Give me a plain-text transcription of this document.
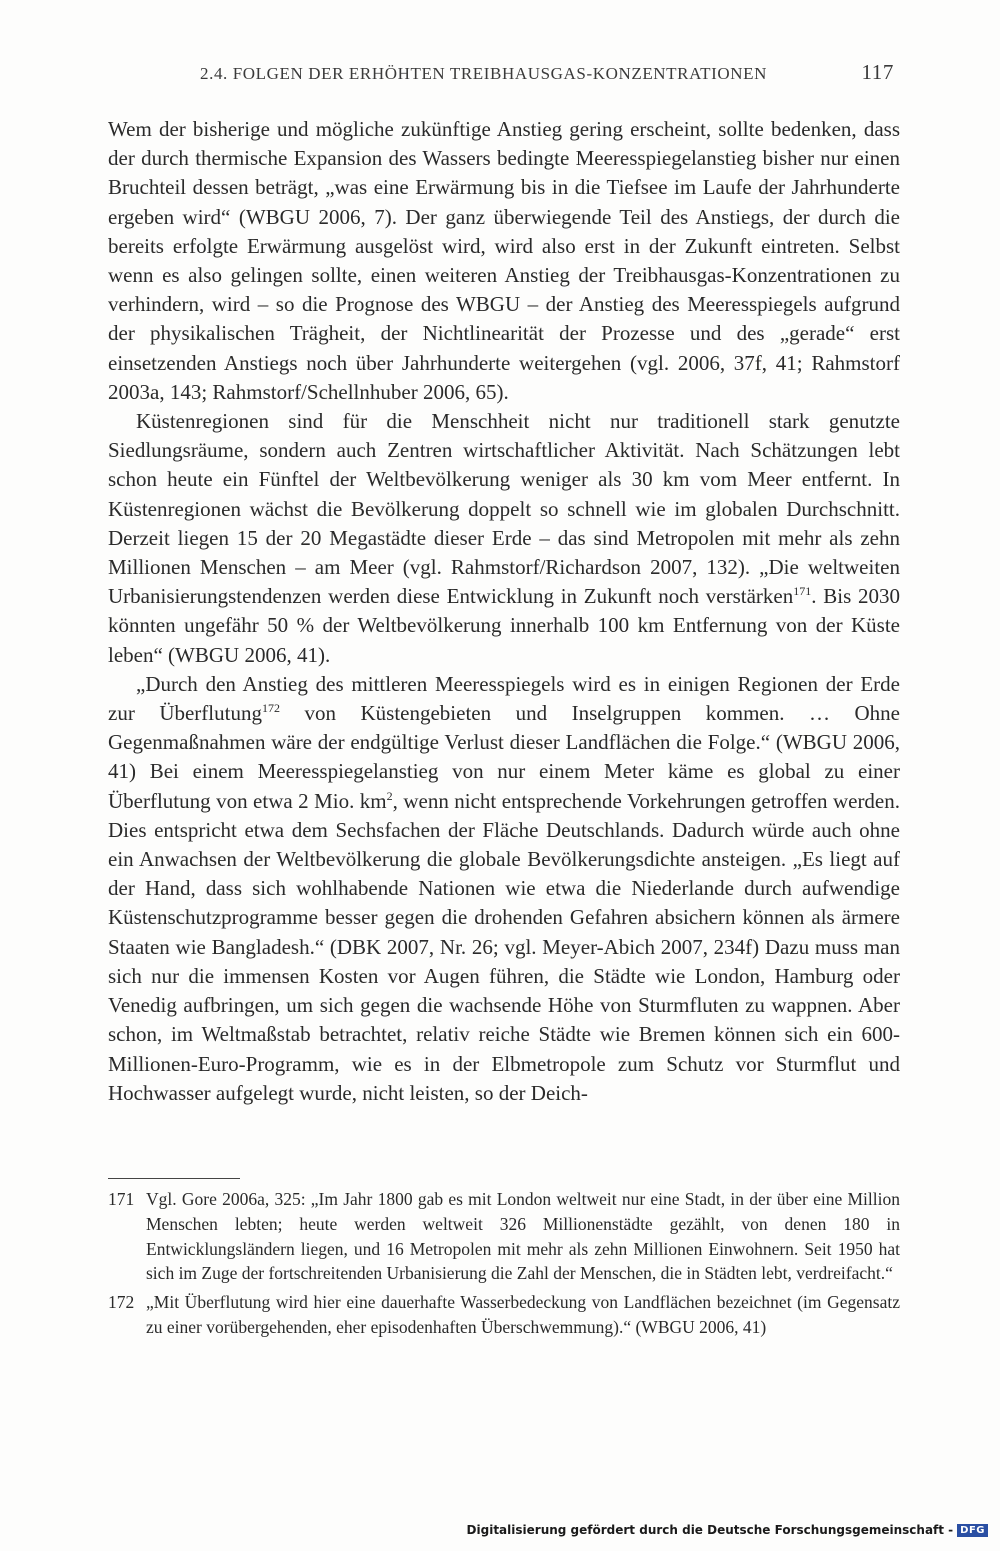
2.4. FOLGEN DER ERHÖHTEN TREIBHAUSGAS-KONZENTRATIONEN	117

Wem der bisherige und mögliche zukünftige Anstieg gering erscheint, sollte bedenken, dass der durch thermische Expansion des Wassers bedingte Meeresspiegelanstieg bisher nur einen Bruchteil dessen beträgt, „was eine Erwärmung bis in die Tiefsee im Laufe der Jahrhunderte ergeben wird“ (WBGU 2006, 7). Der ganz überwiegende Teil des Anstiegs, der durch die bereits erfolgte Erwärmung ausgelöst wird, wird also erst in der Zukunft eintreten. Selbst wenn es also gelingen sollte, einen weiteren Anstieg der Treibhausgas-Konzentrationen zu verhindern, wird – so die Prognose des WBGU – der Anstieg des Meeresspiegels aufgrund der physikalischen Trägheit, der Nichtlinearität der Prozesse und des „gerade“ erst einsetzenden Anstiegs noch über Jahrhunderte weitergehen (vgl. 2006, 37f, 41; Rahmstorf 2003a, 143; Rahmstorf/Schellnhuber 2006, 65).

Küstenregionen sind für die Menschheit nicht nur traditionell stark genutzte Siedlungsräume, sondern auch Zentren wirtschaftlicher Aktivität. Nach Schätzungen lebt schon heute ein Fünftel der Weltbevölkerung weniger als 30 km vom Meer entfernt. In Küstenregionen wächst die Bevölkerung doppelt so schnell wie im globalen Durchschnitt. Derzeit liegen 15 der 20 Megastädte dieser Erde – das sind Metropolen mit mehr als zehn Millionen Menschen – am Meer (vgl. Rahmstorf/Richardson 2007, 132). „Die weltweiten Urbanisierungstendenzen werden diese Entwicklung in Zukunft noch verstärken$^{171}$. Bis 2030 könnten ungefähr 50 % der Weltbevölkerung innerhalb 100 km Entfernung von der Küste leben“ (WBGU 2006, 41).

„Durch den Anstieg des mittleren Meeresspiegels wird es in einigen Regionen der Erde zur Überflutung$^{172}$ von Küstengebieten und Inselgruppen kommen. … Ohne Gegenmaßnahmen wäre der endgültige Verlust dieser Landflächen die Folge.“ (WBGU 2006, 41) Bei einem Meeresspiegelanstieg von nur einem Meter käme es global zu einer Überflutung von etwa 2 Mio. $km^2$, wenn nicht entsprechende Vorkehrungen getroffen werden. Dies entspricht etwa dem Sechsfachen der Fläche Deutschlands. Dadurch würde auch ohne ein Anwachsen der Weltbevölkerung die globale Bevölkerungsdichte ansteigen. „Es liegt auf der Hand, dass sich wohlhabende Nationen wie etwa die Niederlande durch aufwendige Küstenschutzprogramme besser gegen die drohenden Gefahren absichern können als ärmere Staaten wie Bangladesh.“ (DBK 2007, Nr. 26; vgl. Meyer-Abich 2007, 234f) Dazu muss man sich nur die immensen Kosten vor Augen führen, die Städte wie London, Hamburg oder Venedig aufbringen, um sich gegen die wachsende Höhe von Sturmfluten zu wappnen. Aber schon, im Weltmaßstab betrachtet, relativ reiche Städte wie Bremen können sich ein 600-Millionen-Euro-Programm, wie es in der Elbmetropole zum Schutz vor Sturmflut und Hochwasser aufgelegt wurde, nicht leisten, so der Deich-

171 Vgl. Gore 2006a, 325: „Im Jahr 1800 gab es mit London weltweit nur eine Stadt, in der über eine Million Menschen lebten; heute werden weltweit 326 Millionenstädte gezählt, von denen 180 in Entwicklungsländern liegen, und 16 Metropolen mit mehr als zehn Millionen Einwohnern. Seit 1950 hat sich im Zuge der fortschreitenden Urbanisierung die Zahl der Menschen, die in Städten lebt, verdreifacht.“
172 „Mit Überflutung wird hier eine dauerhafte Wasserbedeckung von Landflächen bezeichnet (im Gegensatz zu einer vorübergehenden, eher episodenhaften Überschwemmung).“ (WBGU 2006, 41)
Digitalisierung gefördert durch die Deutsche Forschungsgemeinschaft - DFG
